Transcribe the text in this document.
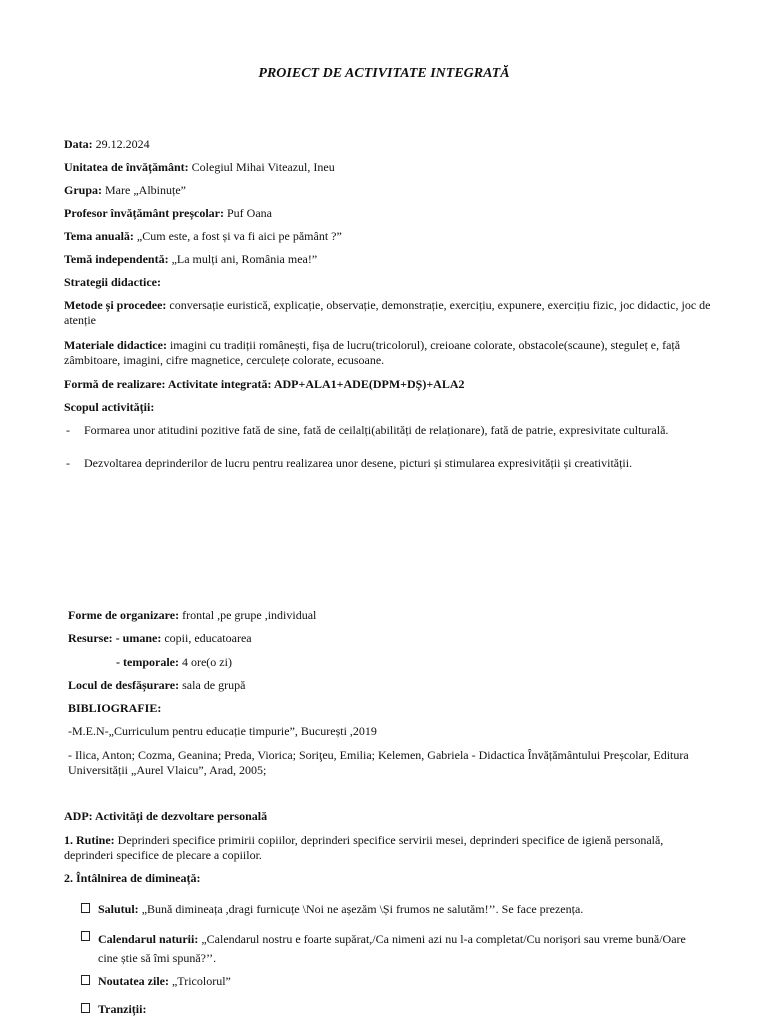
PROIECT DE ACTIVITATE INTEGRATĂ
Data: 29.12.2024
Unitatea de învățământ: Colegiul Mihai Viteazul, Ineu
Grupa: Mare „Albinuțe”
Profesor învățământ preșcolar: Puf Oana
Tema anuală: „Cum este, a fost și va fi aici pe pământ ?”
Temă independentă: „La mulți ani, România mea!”
Strategii didactice:
Metode și procedee: conversație euristică, explicație, observație, demonstrație, exercițiu, expunere, exercițiu fizic, joc didactic, joc de atenție
Materiale didactice: imagini cu tradiții românești, fișa de lucru(tricolorul), creioane colorate, obstacole(scaune), steguleț e, față zâmbitoare, imagini, cifre magnetice, cerculețe colorate, ecusoane.
Formă de realizare: Activitate integrată: ADP+ALA1+ADE(DPM+DȘ)+ALA2
Scopul activității:
- Formarea unor atitudini pozitive fată de sine, fată de ceilalți(abilități de relaționare), fată de patrie, expresivitate culturală.
- Dezvoltarea deprinderilor de lucru pentru realizarea unor desene, picturi și stimularea expresivității și creativității.
Forme de organizare: frontal ,pe grupe ,individual
Resurse: - umane: copii, educatoarea
- temporale: 4 ore(o zi)
Locul de desfășurare: sala de grupă
BIBLIOGRAFIE:
-M.E.N-„Curriculum pentru educație timpurie”, București ,2019
- Ilica, Anton; Cozma, Geanina; Preda, Viorica; Soriţeu, Emilia; Kelemen, Gabriela - Didactica Învățământului Preșcolar, Editura Universității „Aurel Vlaicu”, Arad, 2005;
ADP: Activități de dezvoltare personală
1. Rutine: Deprinderi specifice primirii copiilor, deprinderi specifice servirii mesei, deprinderi specifice de igienă personală, deprinderi specifice de plecare a copiilor.
2. Întâlnirea de dimineață:
Salutul: „Bună dimineața ,dragi furnicuțe \Noi ne așezăm \Și frumos ne salutăm!’’. Se face prezența.
Calendarul naturii: „Calendarul nostru e foarte supărat,/Ca nimeni azi nu l-a completat/Cu norișori sau vreme bună/Oare cine știe să îmi spună?’’.
Noutatea zile: „Tricolorul”
Tranziții:
